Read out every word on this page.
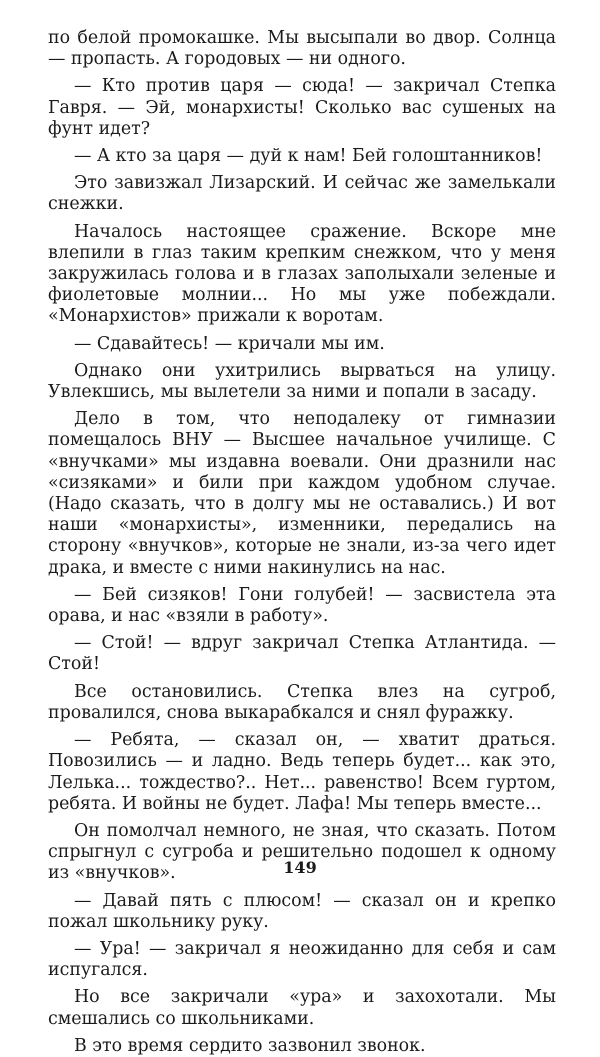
по белой промокашке. Мы высыпали во двор. Солнца — пропасть. А городовых — ни одного.

— Кто против царя — сюда! — закричал Степка Гавря. — Эй, монархисты! Сколько вас сушеных на фунт идет?

— А кто за царя — дуй к нам! Бей голоштанников!

Это завизжал Лизарский. И сейчас же замелькали снежки.

Началось настоящее сражение. Вскоре мне влепили в глаз таким крепким снежком, что у меня закружилась голова и в глазах заполыхали зеленые и фиолетовые молнии... Но мы уже побеждали. «Монархистов» прижали к воротам.

— Сдавайтесь! — кричали мы им.

Однако они ухитрились вырваться на улицу. Увлекшись, мы вылетели за ними и попали в засаду.

Дело в том, что неподалеку от гимназии помещалось ВНУ — Высшее начальное училище. С «внучками» мы издавна воевали. Они дразнили нас «сизяками» и били при каждом удобном случае. (Надо сказать, что в долгу мы не оставались.) И вот наши «монархисты», изменники, передались на сторону «внучков», которые не знали, из-за чего идет драка, и вместе с ними накинулись на нас.

— Бей сизяков! Гони голубей! — засвистела эта орава, и нас «взяли в работу».

— Стой! — вдруг закричал Степка Атлантида. — Стой!

Все остановились. Степка влез на сугроб, провалился, снова выкарабкался и снял фуражку.

— Ребята, — сказал он, — хватит драться. Повозились — и ладно. Ведь теперь будет... как это, Лелька... тождество?.. Нет... равенство! Всем гуртом, ребята. И войны не будет. Лафа! Мы теперь вместе...

Он помолчал немного, не зная, что сказать. Потом спрыгнул с сугроба и решительно подошел к одному из «внучков».

— Давай пять с плюсом! — сказал он и крепко пожал школьнику руку.

— Ура! — закричал я неожиданно для себя и сам испугался.

Но все закричали «ура» и захохотали. Мы смешались со школьниками.

В это время сердито зазвонил звонок.

149
